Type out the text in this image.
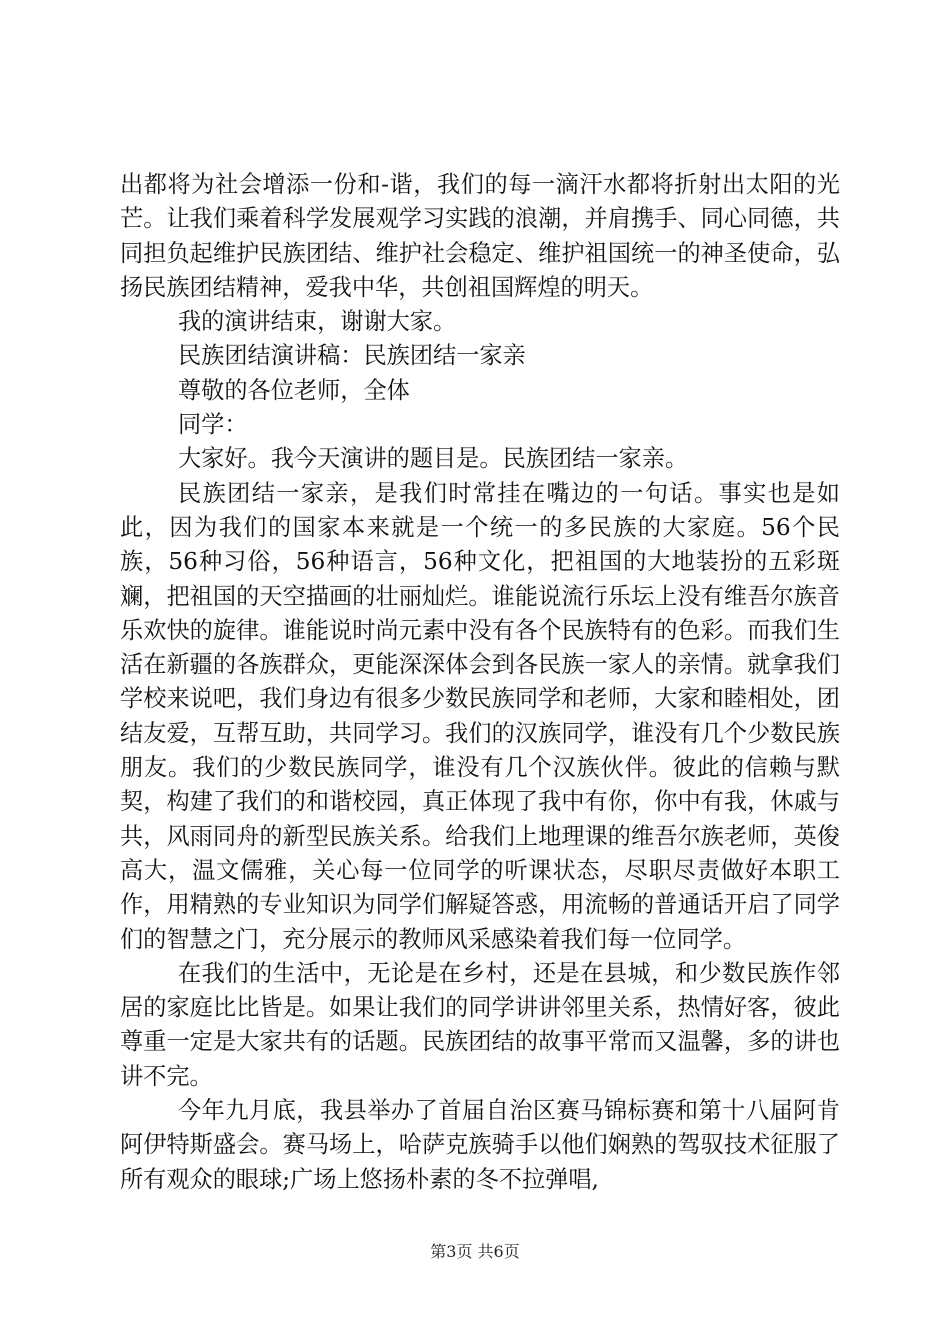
出都将为社会增添一份和-谐，我们的每一滴汗水都将折射出太阳的光芒。让我们乘着科学发展观学习实践的浪潮，并肩携手、同心同德，共同担负起维护民族团结、维护社会稳定、维护祖国统一的神圣使命，弘扬民族团结精神，爱我中华，共创祖国辉煌的明天。

我的演讲结束，谢谢大家。

民族团结演讲稿：民族团结一家亲

尊敬的各位老师，全体

同学：

大家好。我今天演讲的题目是。民族团结一家亲。

民族团结一家亲，是我们时常挂在嘴边的一句话。事实也是如此，因为我们的国家本来就是一个统一的多民族的大家庭。56个民族，56种习俗，56种语言，56种文化，把祖国的大地装扮的五彩斑斓，把祖国的天空描画的壮丽灿烂。谁能说流行乐坛上没有维吾尔族音乐欢快的旋律。谁能说时尚元素中没有各个民族特有的色彩。而我们生活在新疆的各族群众，更能深深体会到各民族一家人的亲情。就拿我们学校来说吧，我们身边有很多少数民族同学和老师，大家和睦相处，团结友爱，互帮互助，共同学习。我们的汉族同学，谁没有几个少数民族朋友。我们的少数民族同学，谁没有几个汉族伙伴。彼此的信赖与默契，构建了我们的和谐校园，真正体现了我中有你，你中有我，休戚与共，风雨同舟的新型民族关系。给我们上地理课的维吾尔族老师，英俊高大，温文儒雅，关心每一位同学的听课状态，尽职尽责做好本职工作，用精熟的专业知识为同学们解疑答惑，用流畅的普通话开启了同学们的智慧之门，充分展示的教师风采感染着我们每一位同学。

在我们的生活中，无论是在乡村，还是在县城，和少数民族作邻居的家庭比比皆是。如果让我们的同学讲讲邻里关系，热情好客，彼此尊重一定是大家共有的话题。民族团结的故事平常而又温馨，多的讲也讲不完。

今年九月底，我县举办了首届自治区赛马锦标赛和第十八届阿肯阿伊特斯盛会。赛马场上，哈萨克族骑手以他们娴熟的驾驭技术征服了所有观众的眼球;广场上悠扬朴素的冬不拉弹唱,

第3页 共6页
